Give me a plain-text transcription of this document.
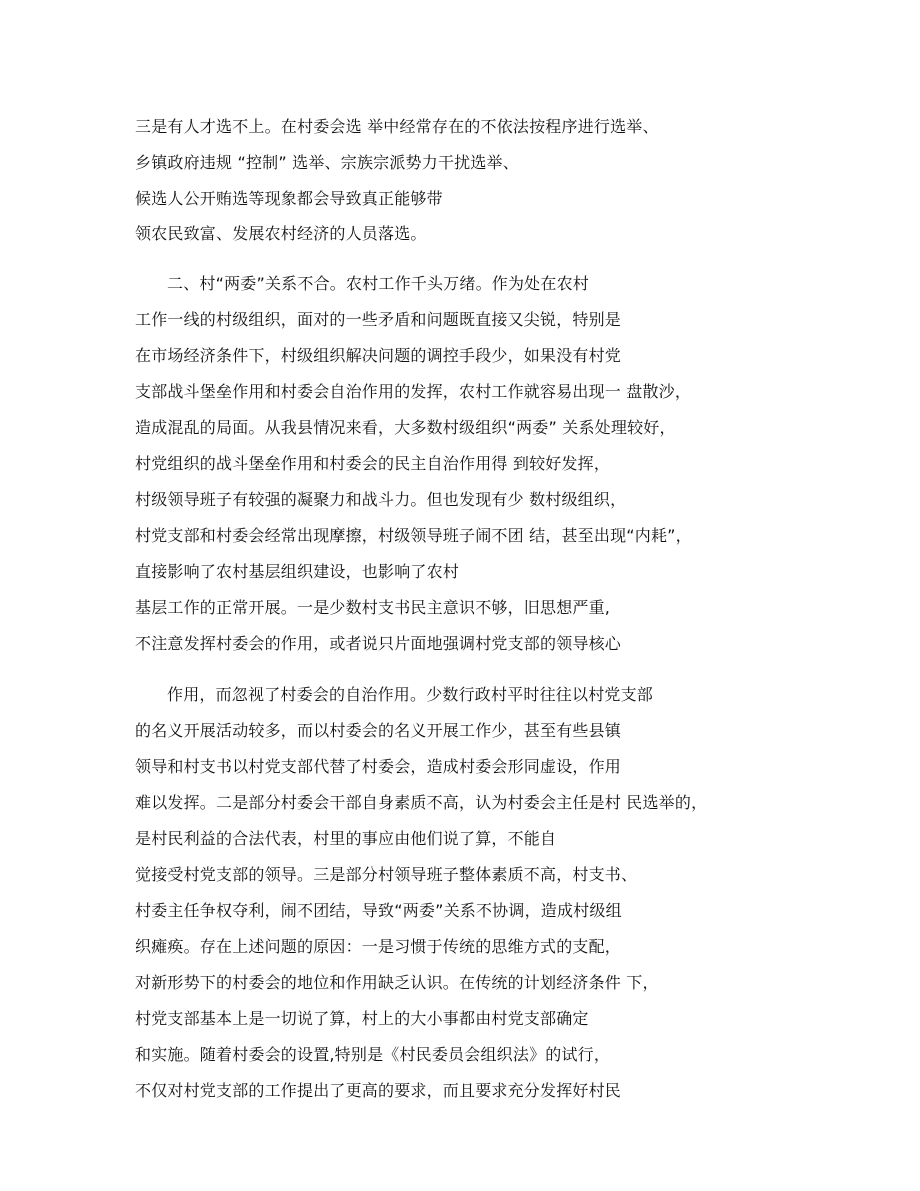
三是有人才选不上。在村委会选 举中经常存在的不依法按程序进行选举、
乡镇政府违规 “控制” 选举、宗族宗派势力干扰选举、
候选人公开贿选等现象都会导致真正能够带
领农民致富、发展农村经济的人员落选。
二、村“两委”关系不合。农村工作千头万绪。作为处在农村
工作一线的村级组织，面对的一些矛盾和问题既直接又尖锐，特别是
在市场经济条件下，村级组织解决问题的调控手段少，如果没有村党
支部战斗堡垒作用和村委会自治作用的发挥，农村工作就容易出现一 盘散沙，
造成混乱的局面。从我县情况来看，大多数村级组织“两委” 关系处理较好，
村党组织的战斗堡垒作用和村委会的民主自治作用得 到较好发挥，
村级领导班子有较强的凝聚力和战斗力。但也发现有少 数村级组织，
村党支部和村委会经常出现摩擦，村级领导班子闹不团 结，甚至出现“内耗”，
直接影响了农村基层组织建设，也影响了农村
基层工作的正常开展。一是少数村支书民主意识不够，旧思想严重,
不注意发挥村委会的作用，或者说只片面地强调村党支部的领导核心
作用，而忽视了村委会的自治作用。少数行政村平时往往以村党支部
的名义开展活动较多，而以村委会的名义开展工作少，甚至有些县镇
领导和村支书以村党支部代替了村委会，造成村委会形同虚设，作用
难以发挥。二是部分村委会干部自身素质不高，认为村委会主任是村 民选举的，
是村民利益的合法代表，村里的事应由他们说了算，不能自
觉接受村党支部的领导。三是部分村领导班子整体素质不高，村支书、
村委主任争权夺利，闹不团结，导致“两委”关系不协调，造成村级组
织瘫痪。存在上述问题的原因：一是习惯于传统的思维方式的支配，
对新形势下的村委会的地位和作用缺乏认识。在传统的计划经济条件 下，
村党支部基本上是一切说了算，村上的大小事都由村党支部确定
和实施。随着村委会的设置,特别是《村民委员会组织法》的试行，
不仅对村党支部的工作提出了更高的要求，而且要求充分发挥好村民
